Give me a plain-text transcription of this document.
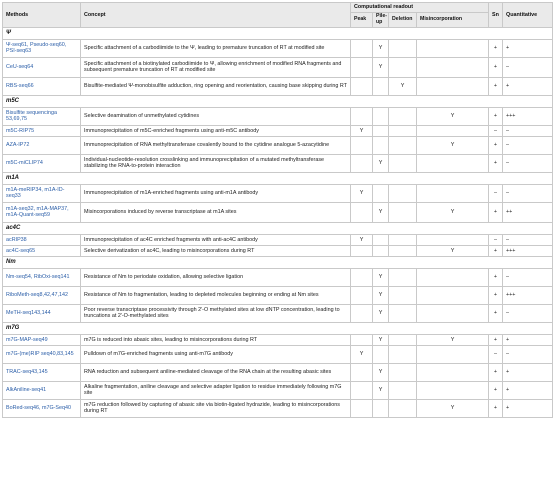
Methods	Concept	Computational readout				Sn	Quantitative
		Peak	Pile-up	Deletion	Misincorporation		
Ψ							
Ψ-seq61, Pseudo-seq60, PSI-seq63	Specific attachment of a carbodiimide to the Ψ, leading to premature truncation of RT at modified site		Y			+	+
CeU-seq64	Specific attachment of a biotinylated carbodiimide to Ψ, allowing enrichment of modified RNA fragments and subsequent premature truncation of RT at modified site		Y			+	–
RBS-seq66	Bisulfite-mediated Ψ-monobisulfite adduction, ring opening and reorientation, causing base skipping during RT			Y		+	+
m5C							
Bisulfite sequencinga 53,69,75	Selective deamination of unmethylated cytidines				Y	+	+++
m5C-RIP75	Immunoprecipitation of m5C-enriched fragments using anti-m5C antibody	Y				–	–
AZA-IP72	Immunoprecipitation of RNA methyltransferase covalently bound to the cytidine analogue 5-azacytidine				Y	+	–
m5C-miCLIP74	Individual-nucleotide-resolution crosslinking and immunoprecipitation of a mutated methyltransferase stabilizing the RNA-to-protein interaction		Y			+	–
m1A							
m1A-meRIP34, m1A-ID-seq33	Immunoprecipitation of m1A-enriched fragments using anti-m1A antibody	Y				–	–
m1A-seq32, m1A-MAP37, m1A-Quant-seq59	Misincorporations induced by reverse transcriptase at m1A sites		Y		Y	+	++
ac4C							
acRIP38	Immunoprecipitation of ac4C enriched fragments with anti-ac4C antibody	Y				–	–
ac4C-seq65	Selective derivatization of ac4C, leading to misincorporations during RT				Y	+	+++
Nm							
Nm-seq54, RibOxi-seq141	Resistance of Nm to periodate oxidation, allowing selective ligation		Y			+	–
RiboMeth-seq8,42,47,142	Resistance of Nm to fragmentation, leading to depleted molecules beginning or ending at Nm sites		Y			+	+++
MeTH-seq143,144	Poor reverse transcriptase processivity through 2′-O methylated sites at low dNTP concentration, leading to truncations at 2′-O-methylated sites		Y			+	–
m7G							
m7G-MAP-seq49	m7G is reduced into abasic sites, leading to misincorporations during RT		Y		Y	+	+
m7G-(me)RIP seq40,83,145	Pulldown of m7G-enriched fragments using anti-m7G antibody	Y				–	–
TRAC-seq43,145	RNA reduction and subsequent aniline-mediated cleavage of the RNA chain at the resulting abasic sites		Y			+	+
AlkAniline-seq41	Alkaline fragmentation, aniline cleavage and selective adapter ligation to residue immediately following m7G site		Y			+	+
BoRed-seq46, m7G-Seq40	m7G reduction followed by capturing of abasic site via biotin-ligated hydrazide, leading to misincorporations during RT				Y	+	+
